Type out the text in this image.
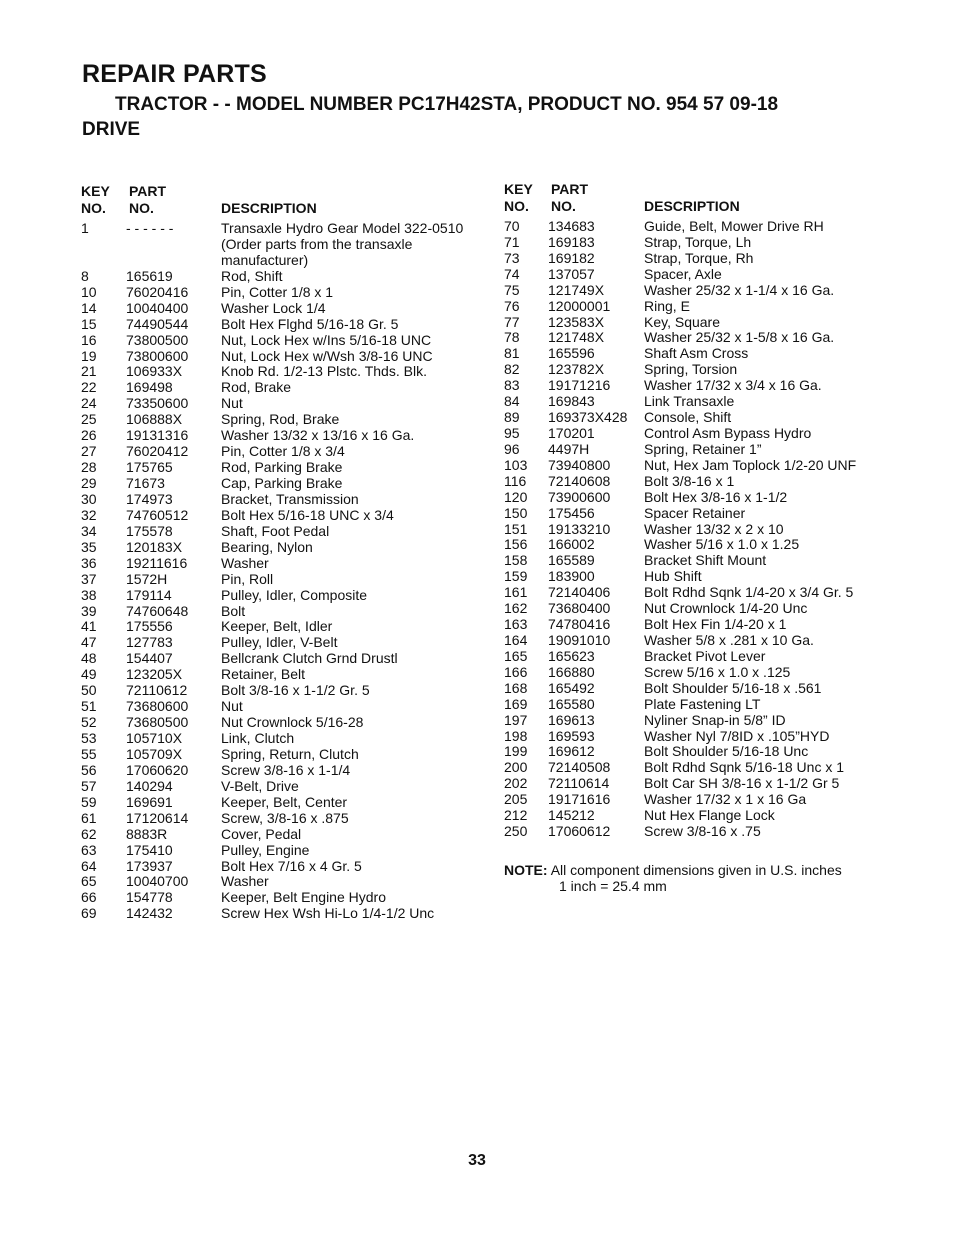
REPAIR PARTS
TRACTOR - - MODEL NUMBER PC17H42STA, PRODUCT NO. 954 57 09-18
DRIVE
KEY
NO.
PART
NO.	DESCRIPTION
1	- - - - - -	Transaxle Hydro Gear Model 322-0510 (Order parts from the transaxle manufacturer)
8	165619	Rod, Shift
10 76020416 Pin, Cotter 1/8 x 1
14 10040400 Washer Lock 1/4
15 74490544 Bolt Hex Flghd 5/16-18 Gr. 5
16 73800500 Nut, Lock Hex w/Ins 5/16-18 UNC
19 73800600 Nut, Lock Hex w/Wsh 3/8-16 UNC
21 106933X	Knob Rd. 1/2-13 Plstc. Thds. Blk.
22 169498	Rod, Brake
24 73350600 Nut
25 106888X	Spring, Rod, Brake
26 19131316 Washer 13/32 x 13/16 x 16 Ga.
27 76020412 Pin, Cotter 1/8 x 3/4
28 175765	Rod, Parking Brake
29 71673	Cap, Parking Brake
30 174973	Bracket, Transmission
32 74760512 Bolt Hex 5/16-18 UNC x 3/4
34 175578	Shaft, Foot Pedal
35 120183X	Bearing, Nylon
36 19211616 Washer
37 1572H	Pin, Roll
38 179114	Pulley, Idler, Composite
39 74760648 Bolt
41 175556	Keeper, Belt, Idler
47 127783	Pulley, Idler, V-Belt
48 154407	Bellcrank Clutch Grnd Drustl
49 123205X	Retainer, Belt
50 72110612 Bolt 3/8-16 x 1-1/2 Gr. 5
51 73680600 Nut
52 73680500 Nut Crownlock 5/16-28
53 105710X	Link, Clutch
55 105709X	Spring, Return, Clutch
56 17060620 Screw 3/8-16 x 1-1/4
57 140294	V-Belt, Drive
59 169691	Keeper, Belt, Center
61 17120614 Screw, 3/8-16 x .875
62 8883R	Cover, Pedal
63 175410	Pulley, Engine
64 173937	Bolt Hex 7/16 x 4 Gr. 5
65 10040700 Washer
66 154778	Keeper, Belt Engine Hydro
69 142432	Screw Hex Wsh Hi-Lo 1/4-1/2 Unc
KEY
NO.
PART
NO.	DESCRIPTION
70 134683	Guide, Belt, Mower Drive RH
71 169183	Strap, Torque, Lh
73 169182	Strap, Torque, Rh
74 137057	Spacer, Axle
75 121749X	Washer 25/32 x 1-1/4 x 16 Ga.
76 12000001 Ring, E
77 123583X	Key, Square
78 121748X	Washer 25/32 x 1-5/8 x 16 Ga.
81 165596	Shaft Asm Cross
82 123782X	Spring, Torsion
83 19171216 Washer 17/32 x 3/4 x 16 Ga.
84 169843	Link Transaxle
89 169373X428 Console, Shift
95 170201	Control Asm Bypass Hydro
96 4497H	Spring, Retainer 1”
103 73940800 Nut, Hex Jam Toplock 1/2-20 UNF
116 72140608 Bolt 3/8-16 x 1
120 73900600 Bolt Hex 3/8-16 x 1-1/2
150 175456	Spacer Retainer
151 19133210 Washer 13/32 x 2 x 10
156 166002	Washer 5/16 x 1.0 x 1.25
158 165589	Bracket Shift Mount
159 183900	Hub Shift
161 72140406 Bolt Rdhd Sqnk 1/4-20 x 3/4 Gr. 5
162 73680400 Nut Crownlock 1/4-20 Unc
163 74780416 Bolt Hex Fin 1/4-20 x 1
164 19091010 Washer 5/8 x .281 x 10 Ga.
165 165623	Bracket Pivot Lever
166 166880	Screw 5/16 x 1.0 x .125
168 165492	Bolt Shoulder 5/16-18 x .561
169 165580	Plate Fastening LT
197 169613	Nyliner Snap-in 5/8” ID
198 169593	Washer Nyl 7/8ID x .105”HYD
199 169612	Bolt Shoulder 5/16-18 Unc
200 72140508 Bolt Rdhd Sqnk 5/16-18 Unc x 1
202 72110614 Bolt Car SH 3/8-16 x 1-1/2 Gr 5
205 19171616 Washer 17/32 x 1 x 16 Ga
212 145212	Nut Hex Flange Lock
250 17060612 Screw 3/8-16 x .75
NOTE: All component dimensions given in U.S. inches
1 inch = 25.4 mm

33
